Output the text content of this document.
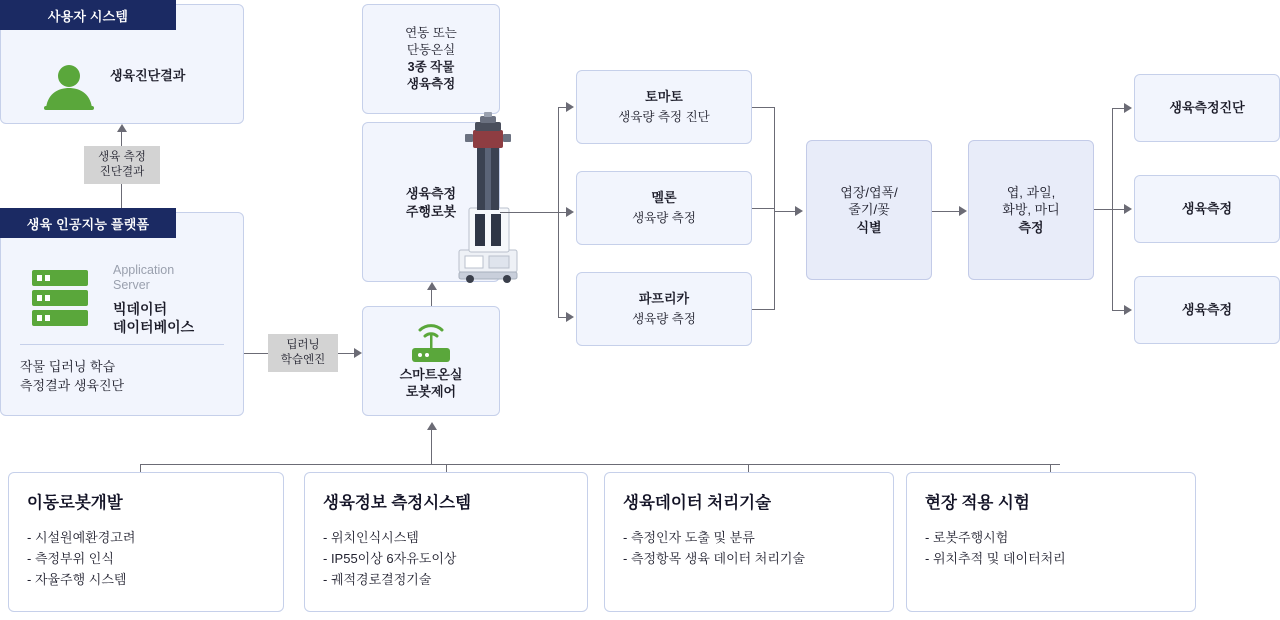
사용자 시스템
생육진단결과
생육 측정
진단결과
생육 인공지능 플랫폼
Application
Server
빅데이터
데이터베이스
작물 딥러닝 학습
측정결과 생육진단
딥러닝
학습엔진
연동 또는
단동온실
3종 작물
생육측정
생육측정
주행로봇
스마트온실
로봇제어
토마토
생육량 측정 진단
멜론
생육량 측정
파프리카
생육량 측정
엽장/엽폭/
줄기/꽃
식별
엽, 과일,
화방, 마디
측정
생육측정진단
생육측정
생육측정
이동로봇개발
- 시설원예환경고려
- 측정부위 인식
- 자율주행 시스템
생육정보 측정시스템
- 위치인식시스템
- IP55이상 6자유도이상
- 궤적경로결정기술
생육데이터 처리기술
- 측정인자 도출 및 분류
- 측정항목 생육 데이터 처리기술
현장 적용 시험
- 로봇주행시험
- 위치추적 및 데이터처리
